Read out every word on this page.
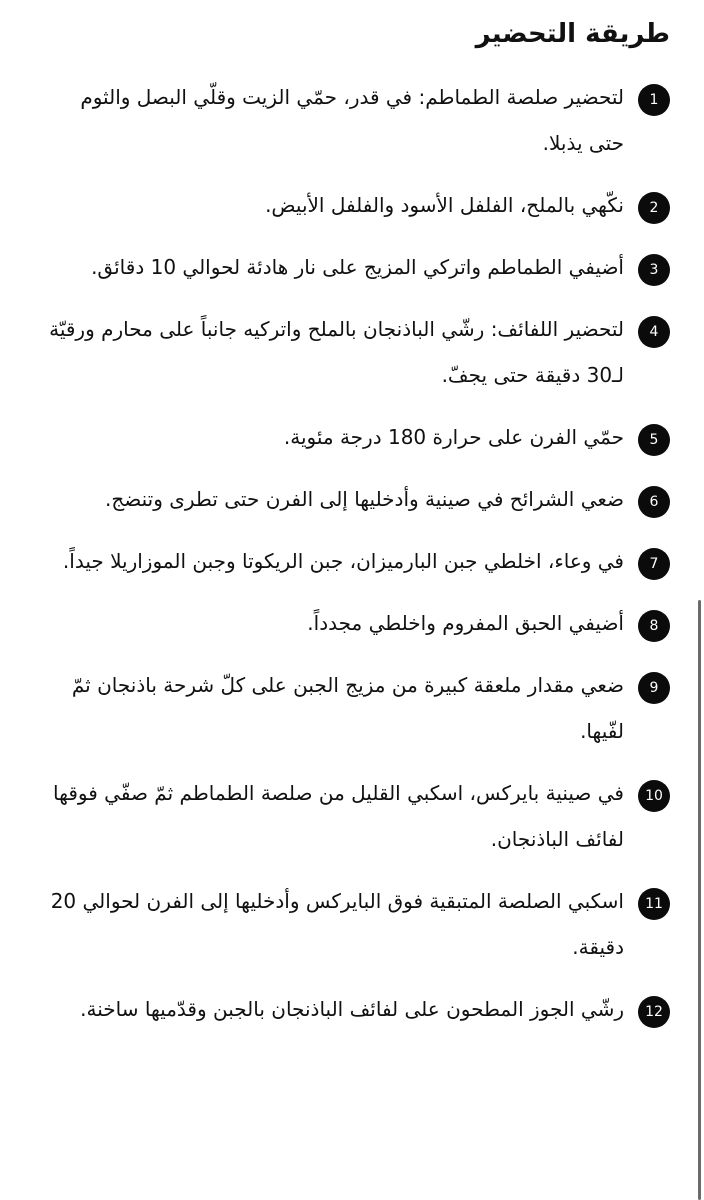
طريقة التحضير
1
لتحضير صلصة الطماطم: في قدر، حمّي الزيت وقلّي البصل والثوم حتى يذبلا.
2
نكّهي بالملح، الفلفل الأسود والفلفل الأبيض.
3
أضيفي الطماطم واتركي المزيج على نار هادئة لحوالي 10 دقائق.
4
لتحضير اللفائف: رشّي الباذنجان بالملح واتركيه جانباً على محارم ورقيّة لـ30 دقيقة حتى يجفّ.
5
حمّي الفرن على حرارة 180 درجة مئوية.
6
ضعي الشرائح في صينية وأدخليها إلى الفرن حتى تطرى وتنضج.
7
في وعاء، اخلطي جبن البارميزان، جبن الريكوتا وجبن الموزاريلا جيداً.
8
أضيفي الحبق المفروم واخلطي مجدداً.
9
ضعي مقدار ملعقة كبيرة من مزيج الجبن على كلّ شرحة باذنجان ثمّ لفّيها.
10
في صينية بايركس، اسكبي القليل من صلصة الطماطم ثمّ صفّي فوقها لفائف الباذنجان.
11
اسكبي الصلصة المتبقية فوق البايركس وأدخليها إلى الفرن لحوالي 20 دقيقة.
12
رشّي الجوز المطحون على لفائف الباذنجان بالجبن وقدّميها ساخنة.
